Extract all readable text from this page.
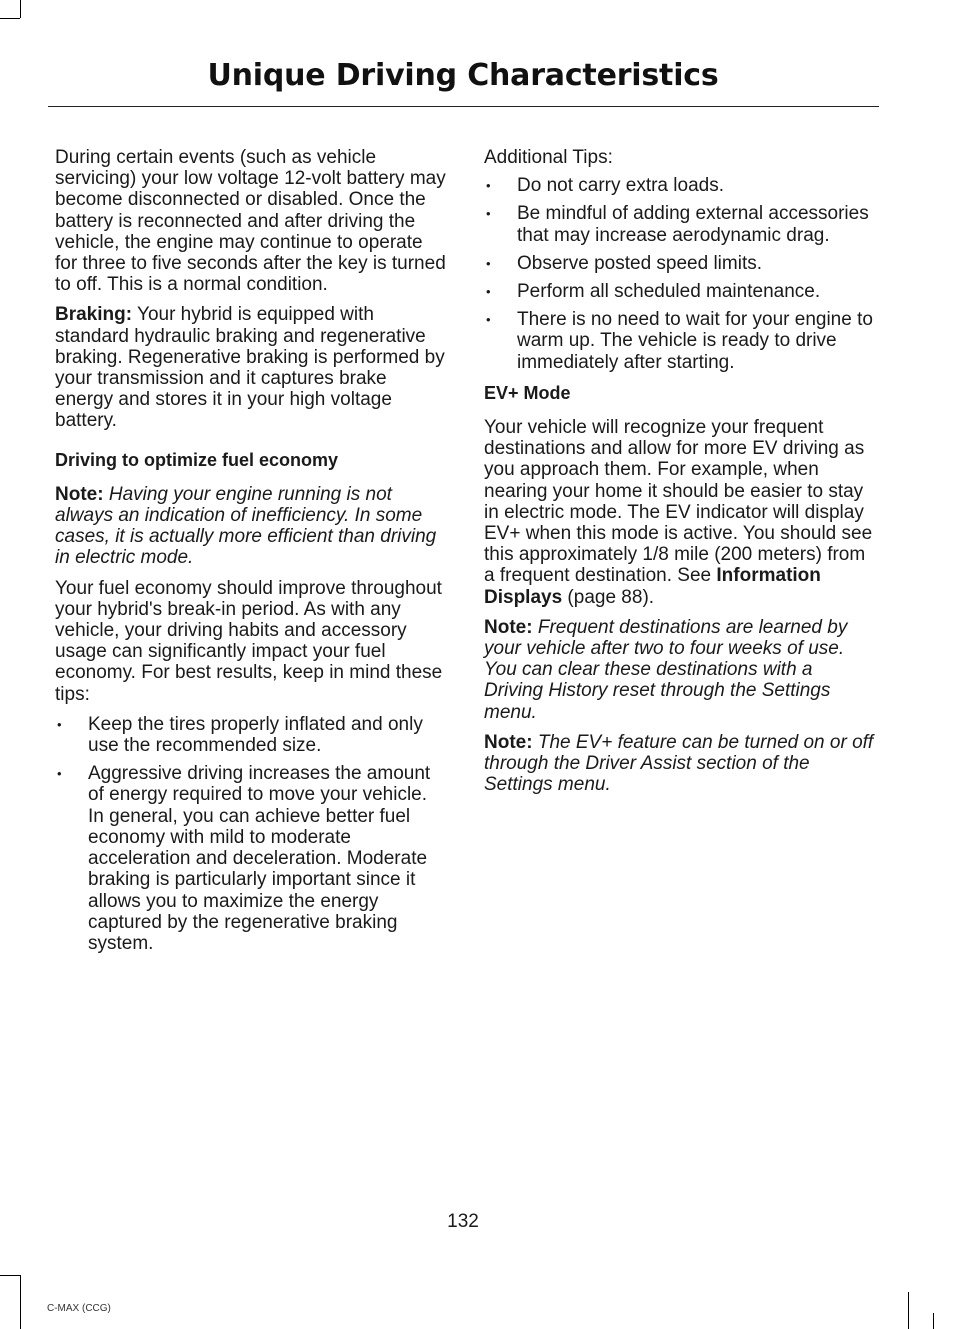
Unique Driving Characteristics

During certain events (such as vehicle servicing) your low voltage 12-volt battery may become disconnected or disabled. Once the battery is reconnected and after driving the vehicle, the engine may continue to operate for three to five seconds after the key is turned to off. This is a normal condition.

Braking: Your hybrid is equipped with standard hydraulic braking and regenerative braking. Regenerative braking is performed by your transmission and it captures brake energy and stores it in your high voltage battery.

Driving to optimize fuel economy

Note: Having your engine running is not always an indication of inefficiency. In some cases, it is actually more efficient than driving in electric mode.

Your fuel economy should improve throughout your hybrid's break-in period. As with any vehicle, your driving habits and accessory usage can significantly impact your fuel economy. For best results, keep in mind these tips:

• Keep the tires properly inflated and only use the recommended size.
• Aggressive driving increases the amount of energy required to move your vehicle. In general, you can achieve better fuel economy with mild to moderate acceleration and deceleration. Moderate braking is particularly important since it allows you to maximize the energy captured by the regenerative braking system.

Additional Tips:

• Do not carry extra loads.
• Be mindful of adding external accessories that may increase aerodynamic drag.
• Observe posted speed limits.
• Perform all scheduled maintenance.
• There is no need to wait for your engine to warm up. The vehicle is ready to drive immediately after starting.
EV+ Mode

Your vehicle will recognize your frequent destinations and allow for more EV driving as you approach them. For example, when nearing your home it should be easier to stay in electric mode. The EV indicator will display EV+ when this mode is active. You should see this approximately 1/8 mile (200 meters) from a frequent destination. See Information Displays (page 88).

Note: Frequent destinations are learned by your vehicle after two to four weeks of use. You can clear these destinations with a Driving History reset through the Settings menu.

Note: The EV+ feature can be turned on or off through the Driver Assist section of the Settings menu.

132
C-MAX (CCG)
